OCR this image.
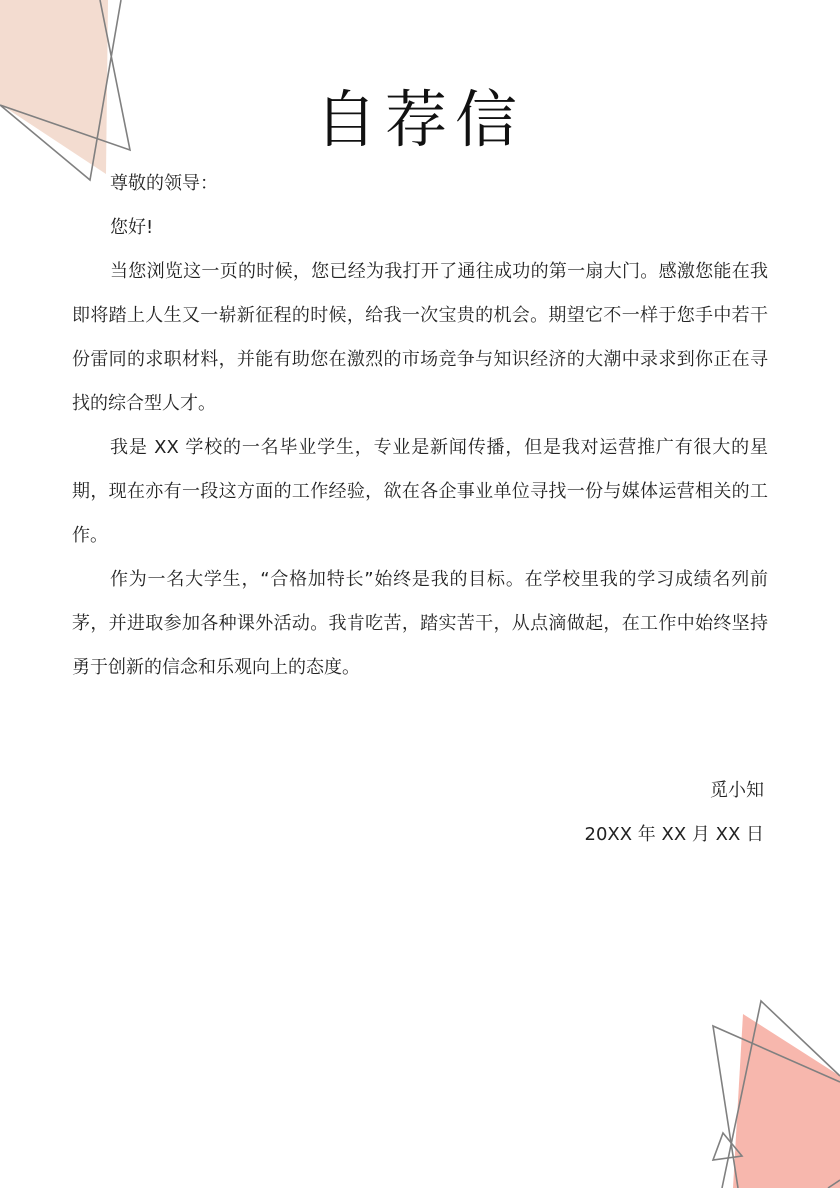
自荐信

尊敬的领导：

您好!

当您浏览这一页的时候，您已经为我打开了通往成功的第一扇大门。感激您能在我即将踏上人生又一崭新征程的时候，给我一次宝贵的机会。期望它不一样于您手中若干份雷同的求职材料，并能有助您在激烈的市场竞争与知识经济的大潮中录求到你正在寻找的综合型人才。

我是 XX 学校的一名毕业学生，专业是新闻传播，但是我对运营推广有很大的星期，现在亦有一段这方面的工作经验，欲在各企事业单位寻找一份与媒体运营相关的工作。

作为一名大学生，“合格加特长”始终是我的目标。在学校里我的学习成绩名列前茅，并进取参加各种课外活动。我肯吃苦，踏实苦干，从点滴做起，在工作中始终坚持勇于创新的信念和乐观向上的态度。

觅小知
20XX 年 XX 月 XX 日
